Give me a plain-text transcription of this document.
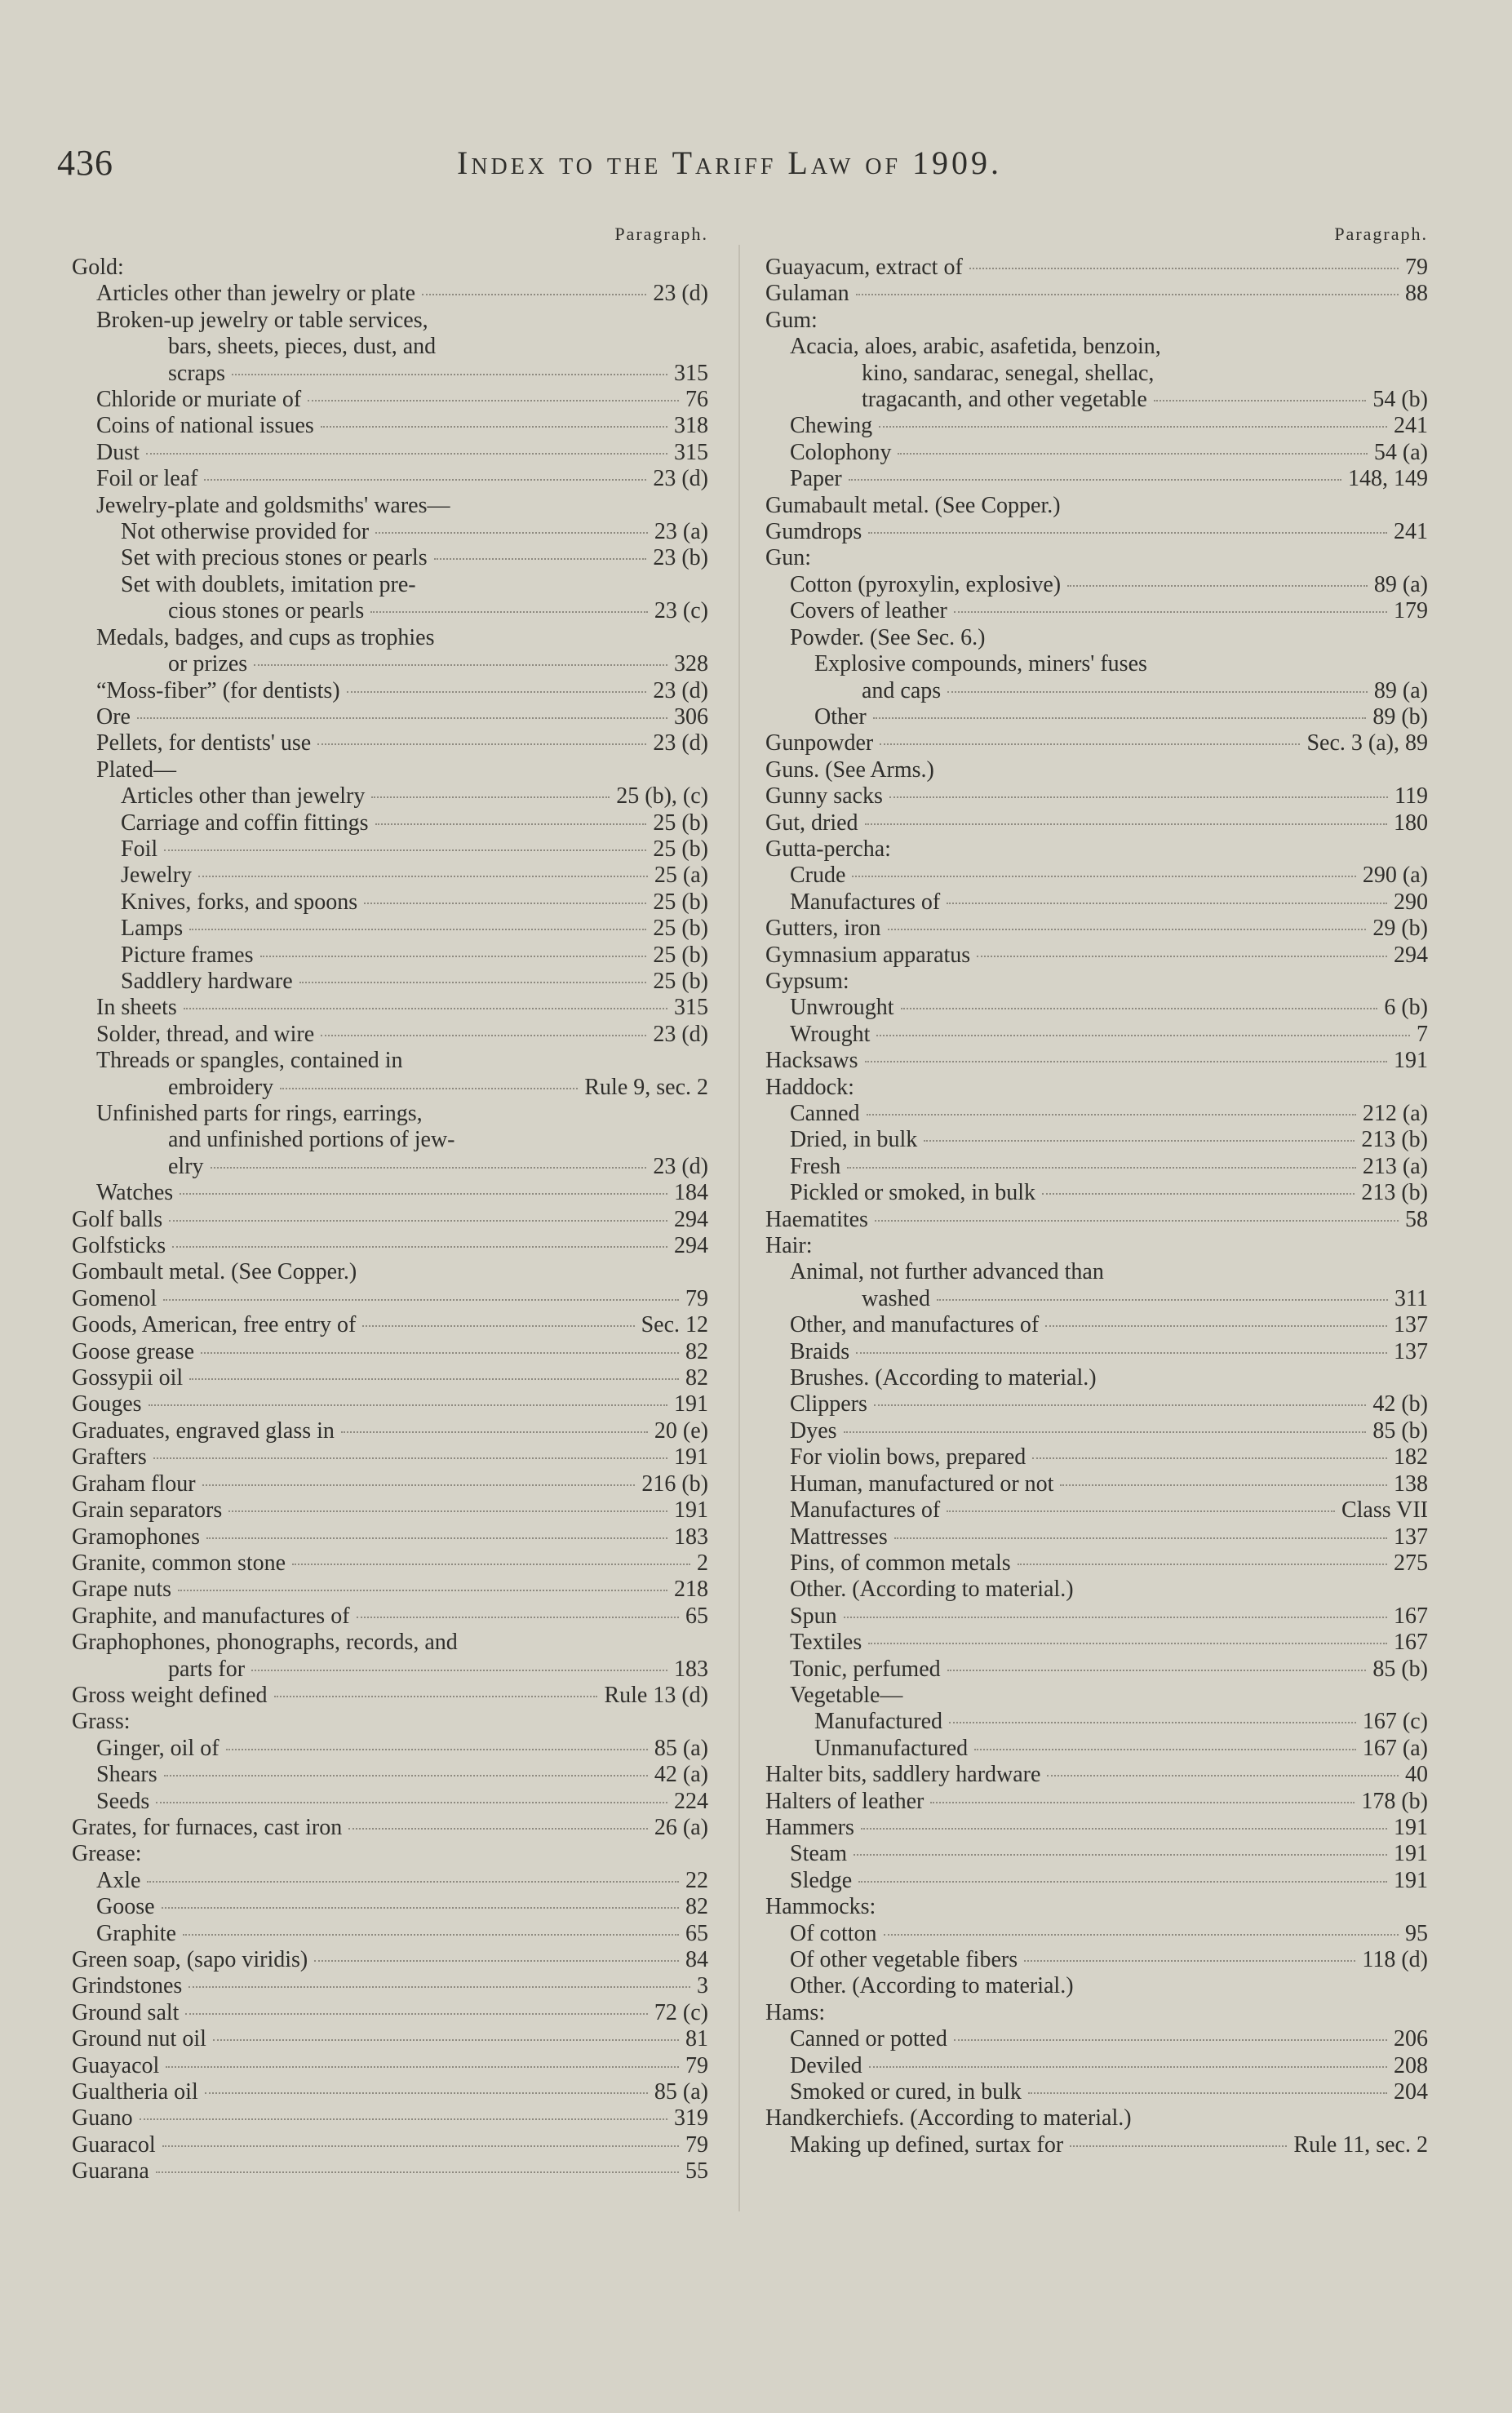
436	Index to the Tariff Law of 1909.
Paragraph.
Gold:
Articles other than jewelry or plate	23 (d)
Broken-up jewelry or table services,
bars, sheets, pieces, dust, and
scraps	315
Chloride or muriate of	76
Coins of national issues	318
Dust	315
Foil or leaf	23 (d)
Jewelry-plate and goldsmiths' wares—
Not otherwise provided for	23 (a)
Set with precious stones or pearls	23 (b)
Set with doublets, imitation pre-
cious stones or pearls	23 (c)
Medals, badges, and cups as trophies
or prizes	328
“Moss-fiber” (for dentists)	23 (d)
Ore	306
Pellets, for dentists' use	23 (d)
Plated—
Articles other than jewelry	25 (b), (c)
Carriage and coffin fittings	25 (b)
Foil	25 (b)
Jewelry	25 (a)
Knives, forks, and spoons	25 (b)
Lamps	25 (b)
Picture frames	25 (b)
Saddlery hardware	25 (b)
In sheets	315
Solder, thread, and wire	23 (d)
Threads or spangles, contained in
embroidery	Rule 9, sec. 2
Unfinished parts for rings, earrings,
and unfinished portions of jew-
elry	23 (d)
Watches	184
Golf balls	294
Golfsticks	294
Gombault metal. (See Copper.)
Gomenol	79
Goods, American, free entry of	Sec. 12
Goose grease	82
Gossypii oil	82
Gouges	191
Graduates, engraved glass in	20 (e)
Grafters	191
Graham flour	216 (b)
Grain separators	191
Gramophones	183
Granite, common stone	2
Grape nuts	218
Graphite, and manufactures of	65
Graphophones, phonographs, records, and
parts for	183
Gross weight defined	Rule 13 (d)
Grass:
Ginger, oil of	85 (a)
Shears	42 (a)
Seeds	224
Grates, for furnaces, cast iron	26 (a)
Grease:
Axle	22
Goose	82
Graphite	65
Green soap, (sapo viridis)	84
Grindstones	3
Ground salt	72 (c)
Ground nut oil	81
Guayacol	79
Gualtheria oil	85 (a)
Guano	319
Guaracol	79
Guarana	55
Paragraph.
Guayacum, extract of	79
Gulaman	88
Gum:
Acacia, aloes, arabic, asafetida, benzoin,
kino, sandarac, senegal, shellac,
tragacanth, and other vegetable	54 (b)
Chewing	241
Colophony	54 (a)
Paper	148, 149
Gumabault metal. (See Copper.)
Gumdrops	241
Gun:
Cotton (pyroxylin, explosive)	89 (a)
Covers of leather	179
Powder. (See Sec. 6.)
Explosive compounds, miners' fuses
and caps	89 (a)
Other	89 (b)
Gunpowder	Sec. 3 (a), 89
Guns. (See Arms.)
Gunny sacks	119
Gut, dried	180
Gutta-percha:
Crude	290 (a)
Manufactures of	290
Gutters, iron	29 (b)
Gymnasium apparatus	294
Gypsum:
Unwrought	6 (b)
Wrought	7
Hacksaws	191
Haddock:
Canned	212 (a)
Dried, in bulk	213 (b)
Fresh	213 (a)
Pickled or smoked, in bulk	213 (b)
Haematites	58
Hair:
Animal, not further advanced than
washed	311
Other, and manufactures of	137
Braids	137
Brushes. (According to material.)
Clippers	42 (b)
Dyes	85 (b)
For violin bows, prepared	182
Human, manufactured or not	138
Manufactures of	Class VII
Mattresses	137
Pins, of common metals	275
Other. (According to material.)
Spun	167
Textiles	167
Tonic, perfumed	85 (b)
Vegetable—
Manufactured	167 (c)
Unmanufactured	167 (a)
Halter bits, saddlery hardware	40
Halters of leather	178 (b)
Hammers	191
Steam	191
Sledge	191
Hammocks:
Of cotton	95
Of other vegetable fibers	118 (d)
Other. (According to material.)
Hams:
Canned or potted	206
Deviled	208
Smoked or cured, in bulk	204
Handkerchiefs. (According to material.)
Making up defined, surtax for	Rule 11, sec. 2
